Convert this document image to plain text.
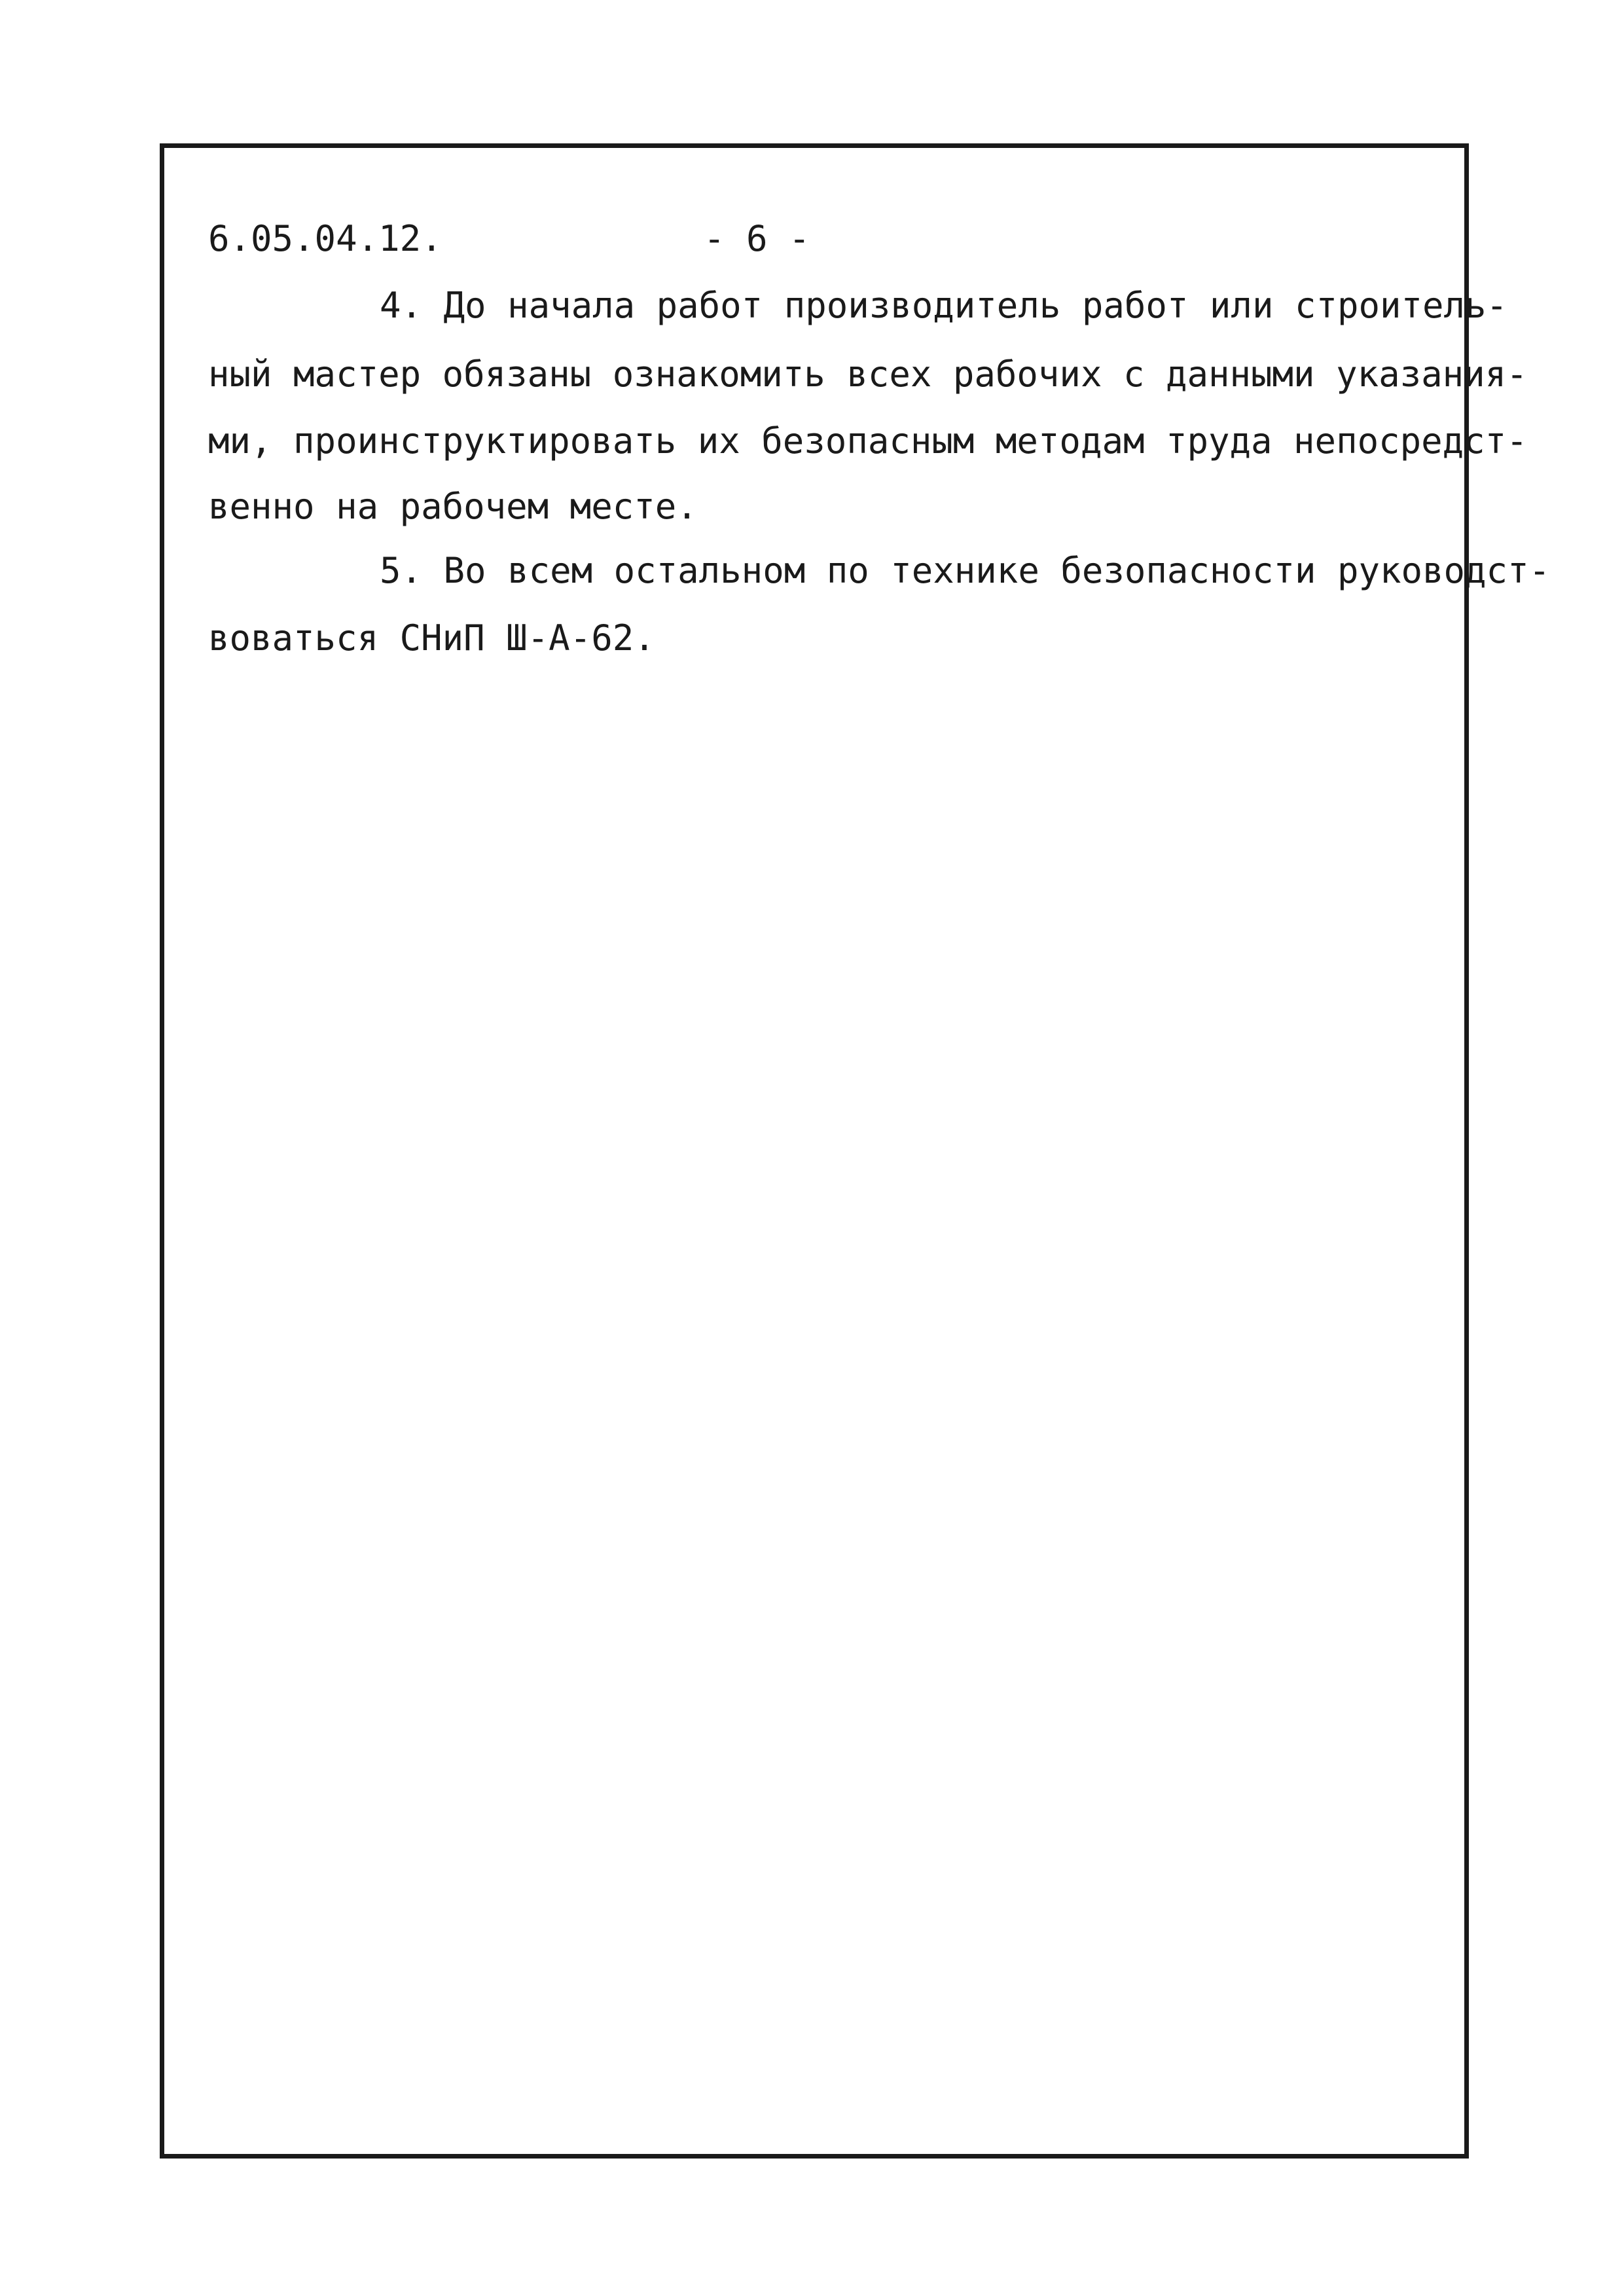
6.05.04.12.	- 6 -
4. До начала работ производитель работ или строитель-
ный мастер обязаны ознакомить всех рабочих с данными указания-
ми, проинструктировать их безопасным методам труда непосредст-
венно на рабочем месте.
5. Во всем остальном по технике безопасности руководст-
воваться СНиП Ш-А-62.
